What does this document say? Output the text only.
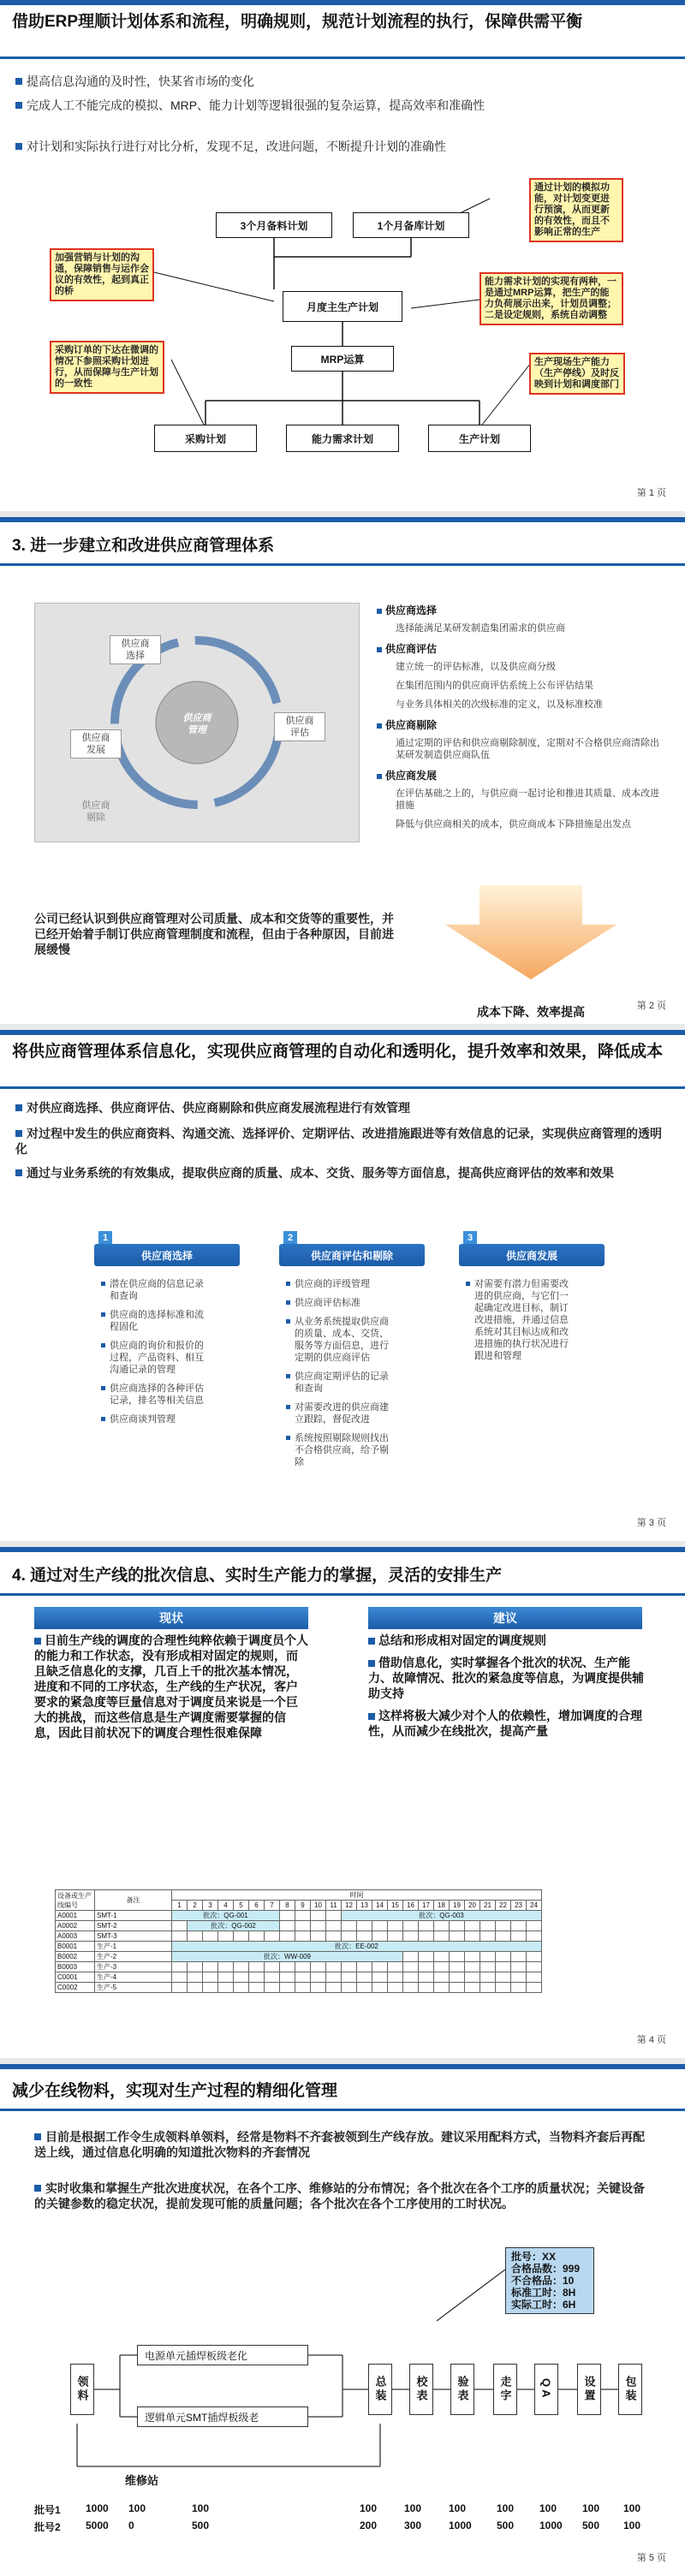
借助ERP理顺计划体系和流程，明确规则，规范计划流程的执行，保障供需平衡
提高信息沟通的及时性，快某省市场的变化
完成人工不能完成的模拟、MRP、能力计划等逻辑很强的复杂运算，提高效率和准确性
对计划和实际执行进行对比分析，发现不足，改进问题，不断提升计划的准确性
3个月备料计划	1个月备库计划
月度主生产计划
MRP运算
采购计划	能力需求计划	生产计划
通过计划的模拟功能，对计划变更进行预演，从而更新的有效性，而且不影响正常的生产
加强营销与计划的沟通，保障销售与运作会议的有效性，起到真正的桥
能力需求计划的实现有两种，一是通过MRP运算，把生产的能力负荷展示出来，计划员调整；二是设定规则，系统自动调整
采购订单的下达在微调的情况下参照采购计划进行，从而保障与生产计划的一致性
生产现场生产能力（生产停线）及时反映到计划和调度部门
第 1 页
3. 进一步建立和改进供应商管理体系
供应商
管理
供应商
选择
供应商
评估
供应商
发展
供应商
剔除
供应商选择
选择能满足某研发制造集团需求的供应商
供应商评估
建立统一的评估标准，以及供应商分级
在集团范围内的供应商评估系统上公布评估结果
与业务具体相关的次级标准的定义，以及标准校准
供应商剔除
通过定期的评估和供应商剔除制度，定期对不合格供应商清除出某研发制造供应商队伍
供应商发展
在评估基础之上的，与供应商一起讨论和推进其质量、成本改进措施
降低与供应商相关的成本，供应商成本下降措施是出发点
公司已经认识到供应商管理对公司质量、成本和交货等的重要性，并已经开始着手制订供应商管理制度和流程，但由于各种原因，目前进展缓慢
成本下降、效率提高	第 2 页
将供应商管理体系信息化，实现供应商管理的自动化和透明化，提升效率和效果，降低成本
对供应商选择、供应商评估、供应商剔除和供应商发展流程进行有效管理
对过程中发生的供应商资料、沟通交流、选择评价、定期评估、改进措施跟进等有效信息的记录，实现供应商管理的透明化
通过与业务系统的有效集成，提取供应商的质量、成本、交货、服务等方面信息，提高供应商评估的效率和效果
1
供应商选择
潜在供应商的信息记录和查询
供应商的选择标准和流程固化
供应商的询价和报价的过程，产品资料、相互沟通记录的管理
供应商选择的各种评估记录，排名等相关信息
供应商谈判管理
2
供应商评估和剔除
供应商的评级管理
供应商评估标准
从业务系统提取供应商的质量、成本、交货、服务等方面信息，进行定期的供应商评估
供应商定期评估的记录和查询
对需要改进的供应商建立跟踪，督促改进
系统按照剔除规则找出不合格供应商，给予剔除
3
供应商发展
对需要有潜力但需要改进的供应商，与它们一起确定改进目标，制订改进措施，并通过信息系统对其目标达成和改进措施的执行状况进行跟进和管理
第 3 页
4. 通过对生产线的批次信息、实时生产能力的掌握，灵活的安排生产
现状	建议
目前生产线的调度的合理性纯粹依赖于调度员个人的能力和工作状态，没有形成相对固定的规则，而且缺乏信息化的支撑，几百上千的批次基本情况，进度和不同的工序状态，生产线的生产状况，客户要求的紧急度等巨量信息对于调度员来说是一个巨大的挑战，而这些信息是生产调度需要掌握的信息，因此目前状况下的调度合理性很难保障
总结和形成相对固定的调度规则
借助信息化，实时掌握各个批次的状况、生产能力、故障情况、批次的紧急度等信息，为调度提供辅助支持
这样将极大减少对个人的依赖性，增加调度的合理性，从而减少在线批次，提高产量
设备或生产
线编号	备注	时间																							
		1	2	3	4	5	6	7	8	9	10	11	12	13	14	15	16	17	18	19	20	21	22	23	24
A0001	SMT-1	批次：QG-001											批次：QG-003												
A0002	SMT-2		批次：QG-002																						
A0003	SMT-3																								
B0001	生产-1	批次：EE-002																							
B0002	生产-2	批次：WW-009																							
B0003	生产-3																								
C0001	生产-4																								
C0002	生产-5																								
第 4 页
减少在线物料，实现对生产过程的精细化管理
目前是根据工作令生成领料单领料，经常是物料不齐套被领到生产线存放。建议采用配料方式，当物料齐套后再配送上线，通过信息化明确的知道批次物料的齐套情况
实时收集和掌握生产批次进度状况，在各个工序、维修站的分布情况；各个批次在各个工序的质量状况；关键设备的关键参数的稳定状况，提前发现可能的质量问题；各个批次在各个工序使用的工时状况。
批号：XX
合格品数：999
不合格品：10
标准工时：8H
实际工时：6H
领料
电源单元插焊板级老化
逻辑单元SMT插焊板级老
总装	校表	验表	走字	QA	设置	包装
维修站
批号1	1000 100	100	100	100	100	100 100 100 100
批号2	5000 0	500	200	300	1000 500 1000 500 100
第 5 页
